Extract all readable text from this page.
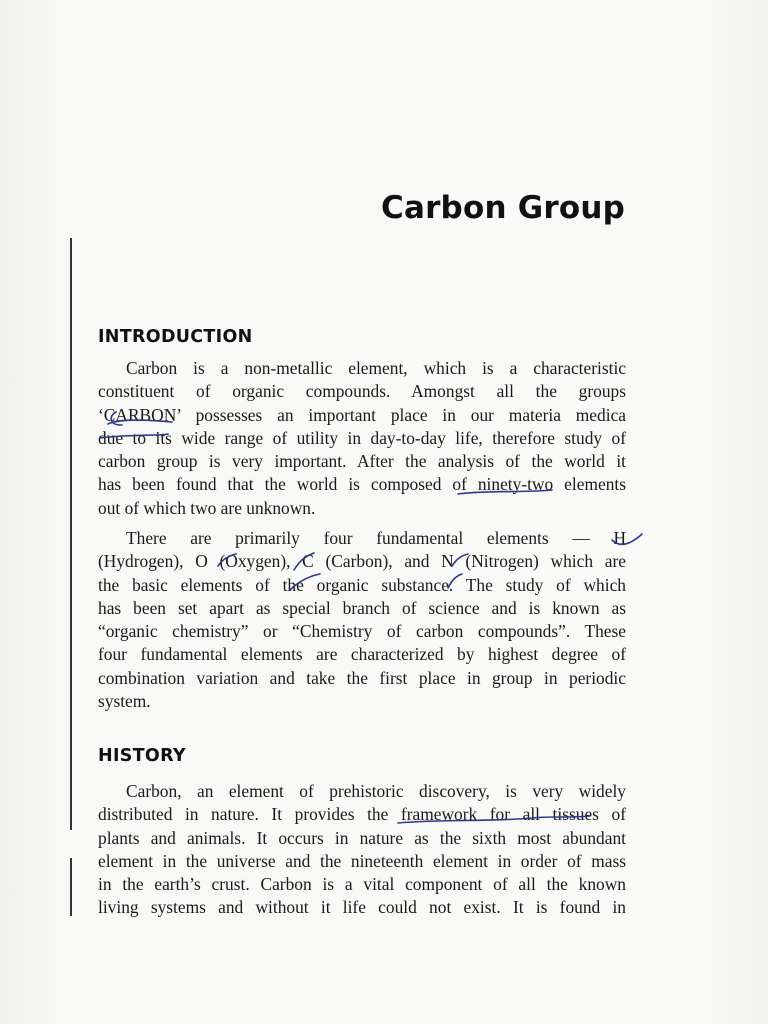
Carbon Group
INTRODUCTION
Carbon is a non-metallic element, which is a characteristic
constituent of organic compounds. Amongst all the groups
‘CARBON’ possesses an important place in our materia medica
due to its wide range of utility in day-to-day life, therefore study of
carbon group is very important. After the analysis of the world it
has been found that the world is composed of ninety-two elements
out of which two are unknown.
There are primarily four fundamental elements — H
(Hydrogen), O (Oxygen), C (Carbon), and N (Nitrogen) which are
the basic elements of the organic substance. The study of which
has been set apart as special branch of science and is known as
“organic chemistry” or “Chemistry of carbon compounds”. These
four fundamental elements are characterized by highest degree of
combination variation and take the first place in group in periodic
system.
HISTORY
Carbon, an element of prehistoric discovery, is very widely
distributed in nature. It provides the framework for all tissues of
plants and animals. It occurs in nature as the sixth most abundant
element in the universe and the nineteenth element in order of mass
in the earth’s crust. Carbon is a vital component of all the known
living systems and without it life could not exist. It is found in
